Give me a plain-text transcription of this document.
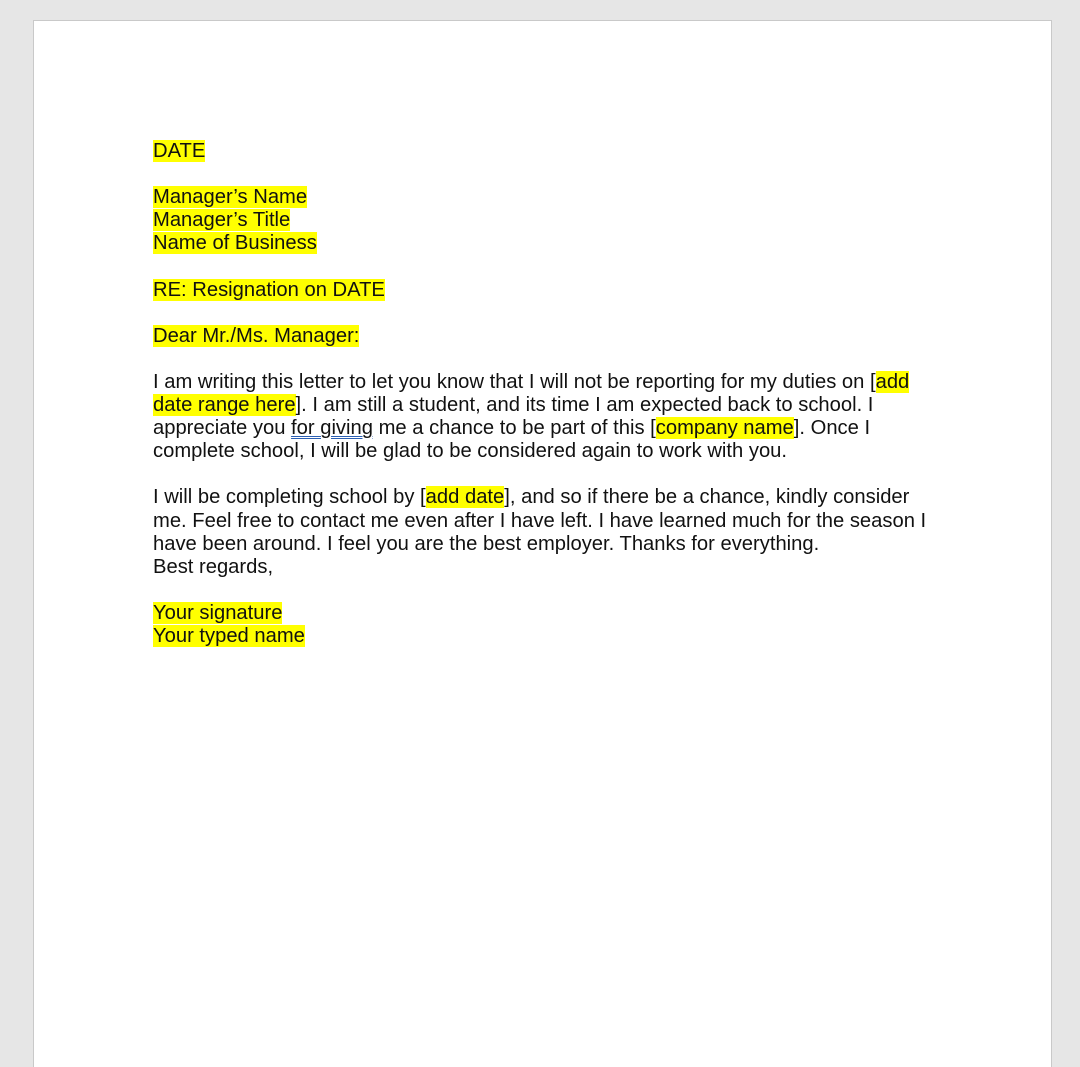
DATE
Manager’s Name
Manager’s Title
Name of Business
RE: Resignation on DATE
Dear Mr./Ms. Manager:
I am writing this letter to let you know that I will not be reporting for my duties on [add
date range here]. I am still a student, and its time I am expected back to school. I
appreciate you for giving me a chance to be part of this [company name]. Once I
complete school, I will be glad to be considered again to work with you.
I will be completing school by [add date], and so if there be a chance, kindly consider
me. Feel free to contact me even after I have left. I have learned much for the season I
have been around. I feel you are the best employer. Thanks for everything.
Best regards,
Your signature
Your typed name
